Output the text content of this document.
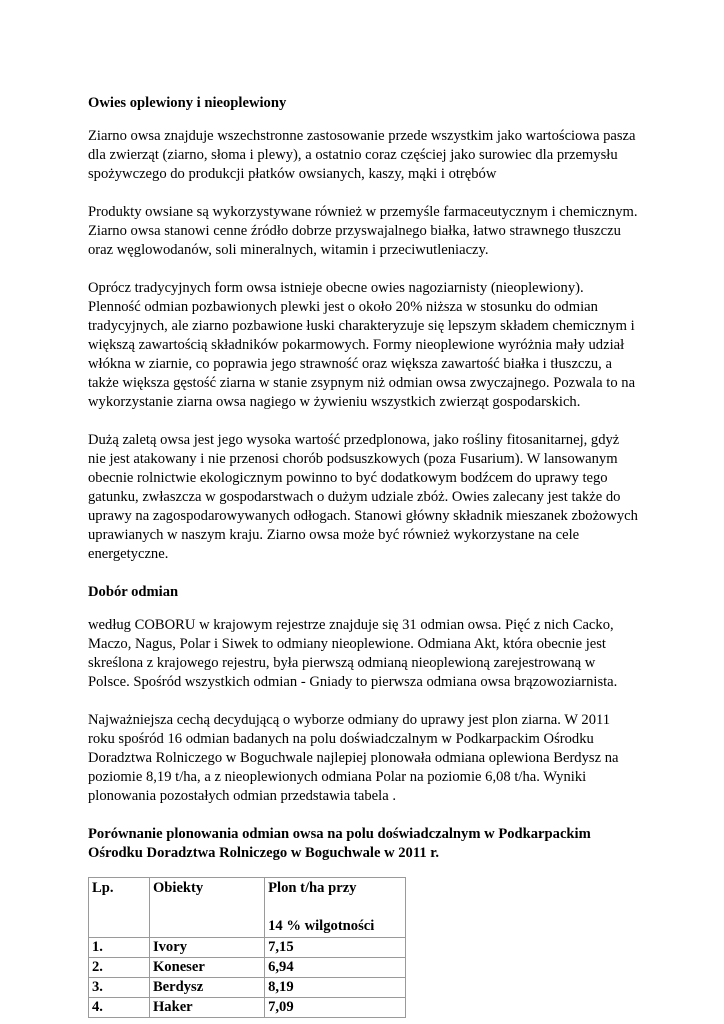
Owies oplewiony i nieoplewiony
Ziarno owsa znajduje wszechstronne zastosowanie przede wszystkim jako wartościowa pasza
dla zwierząt (ziarno, słoma i plewy), a ostatnio coraz częściej jako surowiec dla przemysłu
spożywczego do produkcji płatków owsianych, kaszy, mąki i otrębów
Produkty owsiane są wykorzystywane również w przemyśle farmaceutycznym i chemicznym.
Ziarno owsa stanowi cenne źródło dobrze przyswajalnego białka, łatwo strawnego tłuszczu
oraz węglowodanów, soli mineralnych, witamin i przeciwutleniaczy.
Oprócz tradycyjnych form owsa istnieje obecne owies nagoziarnisty (nieoplewiony).
Plenność odmian pozbawionych plewki jest o około 20% niższa w stosunku do odmian
tradycyjnych, ale ziarno pozbawione łuski charakteryzuje się lepszym składem chemicznym i
większą zawartością składników pokarmowych. Formy nieoplewione wyróżnia mały udział
włókna w ziarnie, co poprawia jego strawność oraz większa zawartość białka i tłuszczu, a
także większa gęstość ziarna w stanie zsypnym niż odmian owsa zwyczajnego. Pozwala to na
wykorzystanie ziarna owsa nagiego w żywieniu wszystkich zwierząt gospodarskich.
Dużą zaletą owsa jest jego wysoka wartość przedplonowa, jako rośliny fitosanitarnej, gdyż
nie jest atakowany i nie przenosi chorób podsuszkowych (poza Fusarium). W lansowanym
obecnie rolnictwie ekologicznym powinno to być dodatkowym bodźcem do uprawy tego
gatunku, zwłaszcza w gospodarstwach o dużym udziale zbóż. Owies zalecany jest także do
uprawy na zagospodarowywanych odłogach. Stanowi główny składnik mieszanek zbożowych
uprawianych w naszym kraju. Ziarno owsa może być również wykorzystane na cele
energetyczne.
Dobór odmian
według COBORU w krajowym rejestrze znajduje się 31 odmian owsa. Pięć z nich Cacko,
Maczo, Nagus, Polar i Siwek to odmiany nieoplewione. Odmiana Akt, która obecnie jest
skreślona z krajowego rejestru, była pierwszą odmianą nieoplewioną zarejestrowaną w
Polsce. Spośród wszystkich odmian - Gniady to pierwsza odmiana owsa brązowoziarnista.
Najważniejsza cechą decydującą o wyborze odmiany do uprawy jest plon ziarna. W 2011
roku spośród 16 odmian badanych na polu doświadczalnym w Podkarpackim Ośrodku
Doradztwa Rolniczego w Boguchwale najlepiej plonowała odmiana oplewiona Berdysz na
poziomie 8,19 t/ha, a z nieoplewionych odmiana Polar na poziomie 6,08 t/ha. Wyniki
plonowania pozostałych odmian przedstawia tabela .
Porównanie plonowania odmian owsa na polu doświadczalnym w Podkarpackim
Ośrodku Doradztwa Rolniczego w Boguchwale w 2011 r.
Lp.	Obiekty	Plon t/ha przy
14 % wilgotności

1.	Ivory	7,15
2.	Koneser	6,94
3.	Berdysz	8,19
4.	Haker	7,09
